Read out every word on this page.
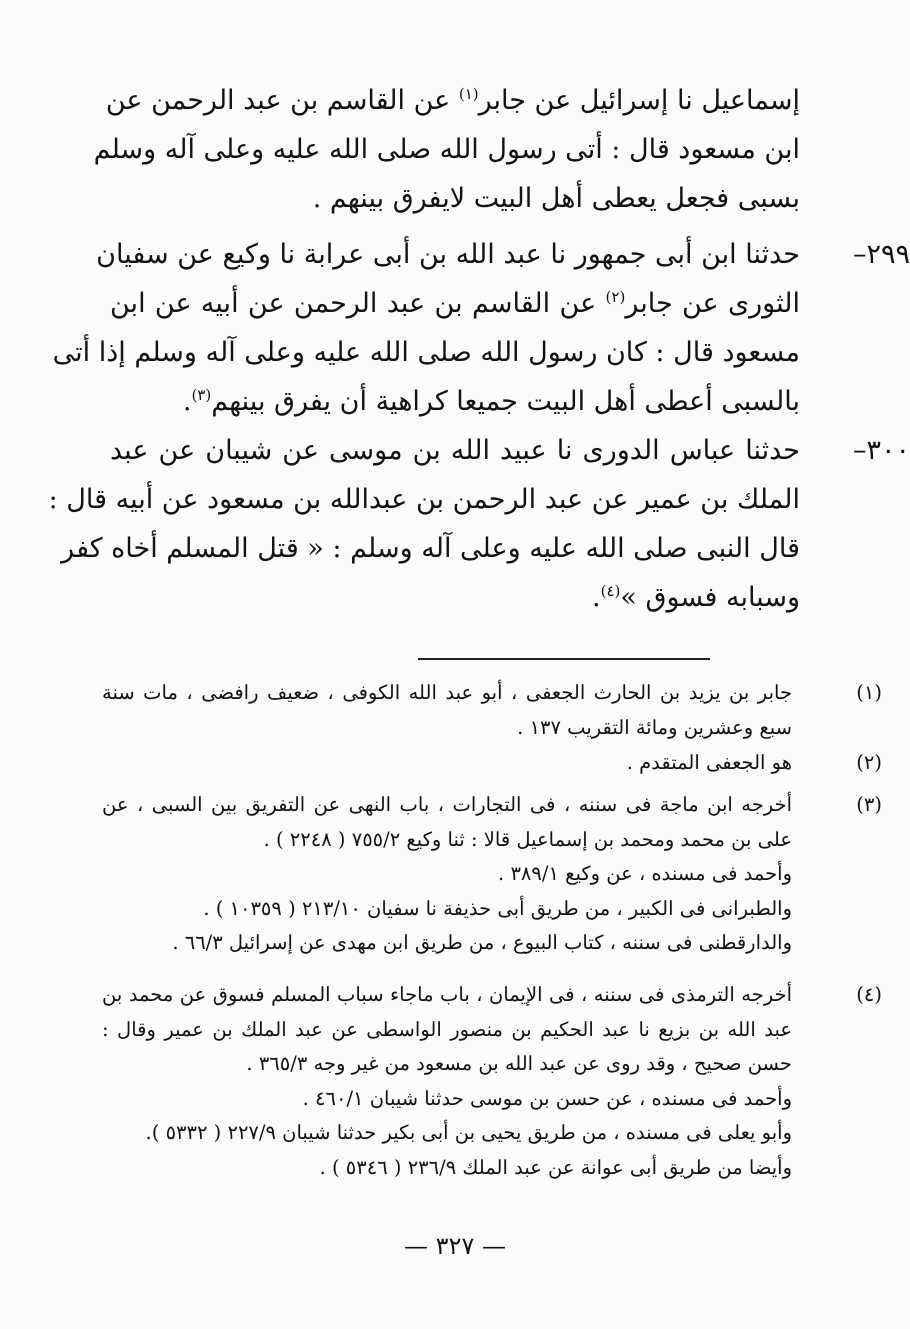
إسماعيل نا إسرائيل عن جابر$^{(١)}$ عن القاسم بن عبد الرحمن عن
ابن مسعود قال : أتى رسول الله صلى الله عليه وعلى آله وسلم
بسبى فجعل يعطى أهل البيت لايفرق بينهم .
٢٩٩–
حدثنا ابن أبى جمهور نا عبد الله بن أبى عرابة نا وكيع عن سفيان
الثورى عن جابر$^{(٢)}$ عن القاسم بن عبد الرحمن عن أبيه عن ابن
مسعود قال : كان رسول الله صلى الله عليه وعلى آله وسلم إذا أتى
بالسبى أعطى أهل البيت جميعا كراهية أن يفرق بينهم$^{(٣)}$.
٣٠٠–
حدثنا عباس الدورى نا عبيد الله بن موسى عن شيبان عن عبد
الملك بن عمير عن عبد الرحمن بن عبدالله بن مسعود عن أبيه قال :
قال النبى صلى الله عليه وعلى آله وسلم : « قتل المسلم أخاه كفر
وسبابه فسوق »$^{(٤)}$.
(١)
جابر بن يزيد بن الحارث الجعفى ، أبو عبد الله الكوفى ، ضعيف رافضى ، مات سنة
سبع وعشرين ومائة التقريب ١٣٧ .
(٢)
هو الجعفى المتقدم .
(٣)
أخرجه ابن ماجة فى سننه ، فى التجارات ، باب النهى عن التفريق بين السبى ، عن
على بن محمد ومحمد بن إسماعيل قالا : ثنا وكيع ٧٥٥/٢ ( ٢٢٤٨ ) .
وأحمد فى مسنده ، عن وكيع ٣٨٩/١ .
والطبرانى فى الكبير ، من طريق أبى حذيفة نا سفيان ٢١٣/١٠ ( ١٠٣٥٩ ) .
والدارقطنى فى سننه ، كتاب البيوع ، من طريق ابن مهدى عن إسرائيل ٦٦/٣ .
(٤)
أخرجه الترمذى فى سننه ، فى الإيمان ، باب ماجاء سباب المسلم فسوق عن محمد بن
عبد الله بن بزيع نا عبد الحكيم بن منصور الواسطى عن عبد الملك بن عمير وقال :
حسن صحيح ، وقد روى عن عبد الله بن مسعود من غير وجه ٣٦٥/٣ .
وأحمد فى مسنده ، عن حسن بن موسى حدثنا شيبان ٤٦٠/١ .
وأبو يعلى فى مسنده ، من طريق يحيى بن أبى بكير حدثنا شيبان ٢٢٧/٩ ( ٥٣٣٢ ).
وأيضا من طريق أبى عوانة عن عبد الملك ٢٣٦/٩ ( ٥٣٤٦ ) .
— ٣٢٧ —
